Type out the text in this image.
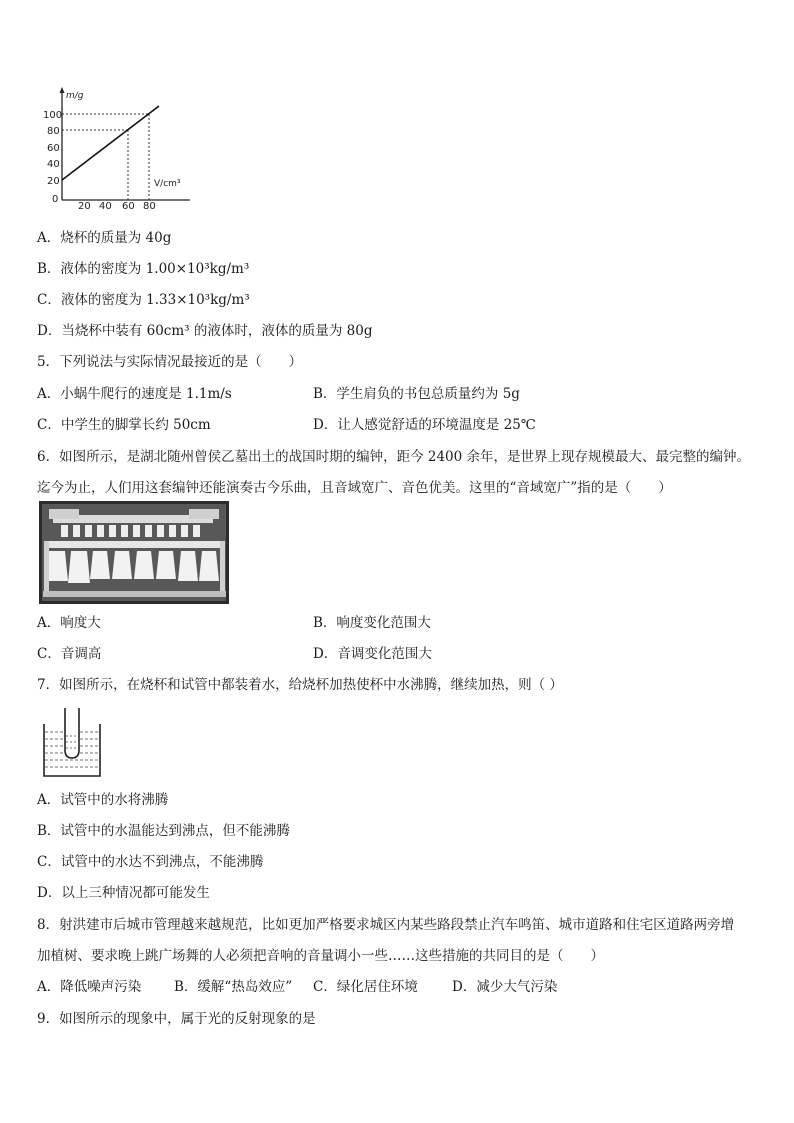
m/g
V/cm³
100
80
60
40
20
0
20 40 60 80
A．烧杯的质量为 40g
B．液体的密度为 1.00×10³kg/m³
C．液体的密度为 1.33×10³kg/m³
D．当烧杯中装有 60cm³ 的液体时，液体的质量为 80g
5．下列说法与实际情况最接近的是（　　）
A．小蜗牛爬行的速度是 1.1m/s	B．学生肩负的书包总质量约为 5g
C．中学生的脚掌长约 50cm	D．让人感觉舒适的环境温度是 25℃
6．如图所示，是湖北随州曾侯乙墓出土的战国时期的编钟，距今 2400 余年，是世界上现存规模最大、最完整的编钟。
迄今为止，人们用这套编钟还能演奏古今乐曲，且音域宽广、音色优美。这里的“音域宽广”指的是（　　）
A．响度大	B．响度变化范围大
C．音调高	D．音调变化范围大
7．如图所示，在烧杯和试管中都装着水，给烧杯加热使杯中水沸腾，继续加热，则（ ）
A．试管中的水将沸腾
B．试管中的水温能达到沸点，但不能沸腾
C．试管中的水达不到沸点，不能沸腾
D．以上三种情况都可能发生
8．射洪建市后城市管理越来越规范，比如更加严格要求城区内某些路段禁止汽车鸣笛、城市道路和住宅区道路两旁增
加植树、要求晚上跳广场舞的人必须把音响的音量调小一些……这些措施的共同目的是（　　）
A．降低噪声污染 B．缓解“热岛效应” C．绿化居住环境	D．减少大气污染
9．如图所示的现象中，属于光的反射现象的是
